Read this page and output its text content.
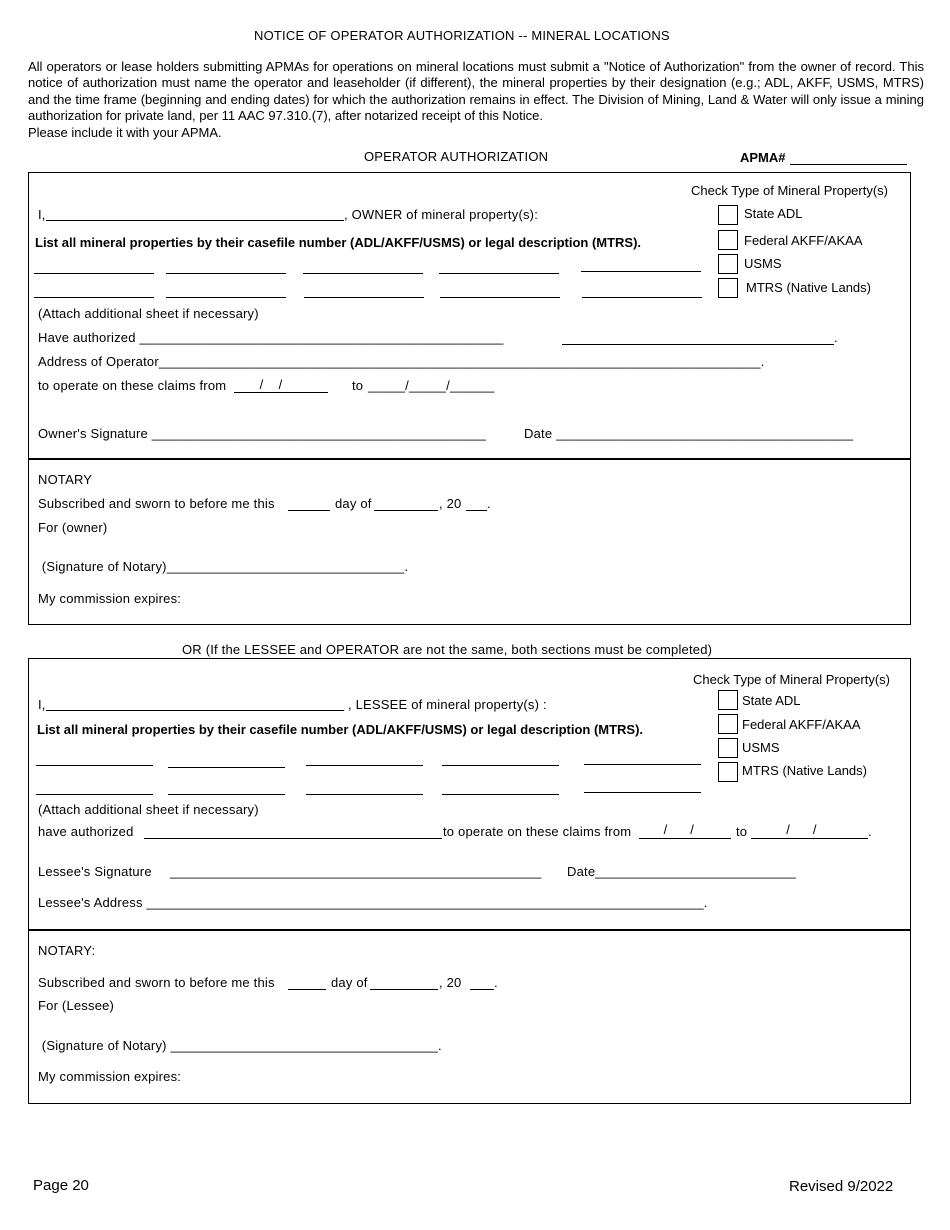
NOTICE OF OPERATOR AUTHORIZATION -- MINERAL LOCATIONS
All operators or lease holders submitting APMAs for operations on mineral locations must submit a "Notice of Authorization" from the owner of record. This notice of authorization must name the operator and leaseholder (if different), the mineral properties by their designation (e.g.; ADL, AKFF, USMS, MTRS) and the time frame (beginning and ending dates) for which the authorization remains in effect. The Division of Mining, Land & Water will only issue a mining authorization for private land, per 11 AAC 97.310.(7), after notarized receipt of this Notice.
Please include it with your APMA.
OPERATOR AUTHORIZATION	APMA#
Check Type of Mineral Property(s)
State ADL
Federal AKFF/AKAA
USMS
MTRS (Native Lands)
I,	, OWNER of mineral property(s):
List all mineral properties by their casefile number (ADL/AKFF/USMS) or legal description (MTRS).
(Attach additional sheet if necessary)
Have authorized _________________________________________________	.
Address of Operator_________________________________________________________________________________.
to operate on these claims from /    /	to _____/_____/______
Owner's Signature _____________________________________________	Date ________________________________________
NOTARY
Subscribed and sworn to before me this	day of	, 20 .
For (owner)
(Signature of Notary)________________________________.
My commission expires:
OR (If the LESSEE and OPERATOR are not the same, both sections must be completed)
Check Type of Mineral Property(s)
State ADL
Federal AKFF/AKAA
USMS
MTRS (Native Lands)
I,	, LESSEE of mineral property(s) :
List all mineral properties by their casefile number (ADL/AKFF/USMS) or legal description (MTRS).
(Attach additional sheet if necessary)
have authorized	to operate on these claims from /      / to /      / .
Lessee's Signature __________________________________________________ Date___________________________
Lessee's Address ___________________________________________________________________________.
NOTARY:
Subscribed and sworn to before me this	day of	, 20	.
For (Lessee)
(Signature of Notary) ____________________________________.
My commission expires:
Page 20	Revised 9/2022
